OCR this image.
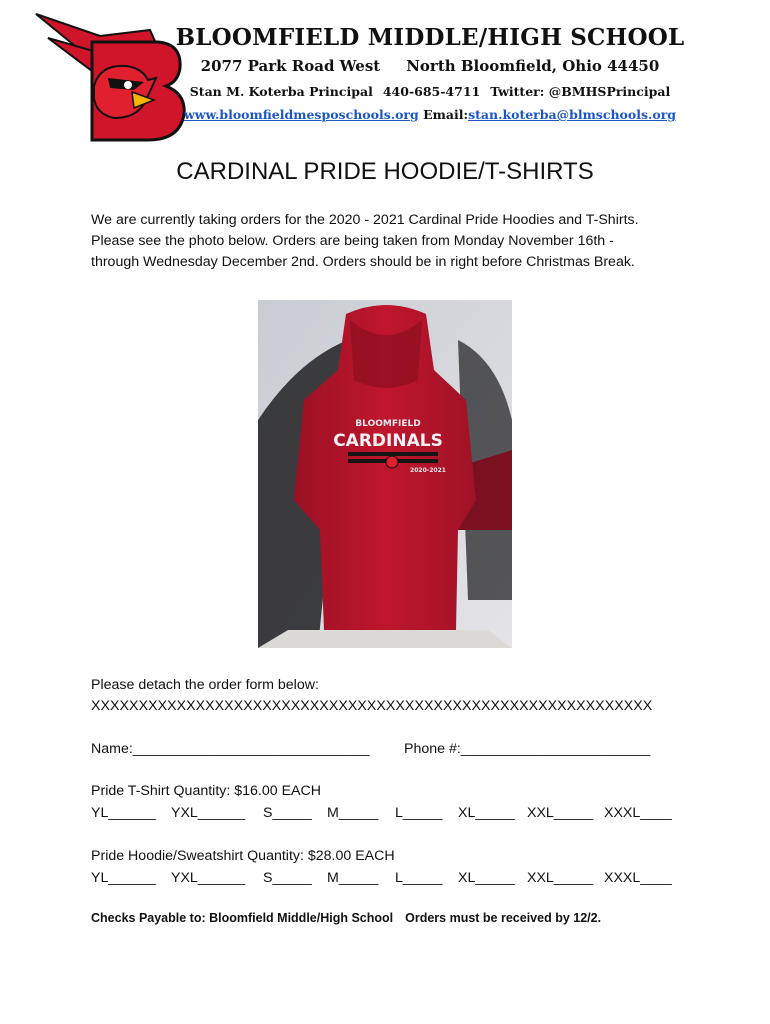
BLOOMFIELD MIDDLE/HIGH SCHOOL
2077 Park Road West North Bloomfield, Ohio 44450
Stan M. Koterba Principal 440-685-4711 Twitter: @BMHSPrincipal
www.bloomfieldmesposchools.org Email:stan.koterba@blmschools.org
CARDINAL PRIDE HOODIE/T-SHIRTS
We are currently taking orders for the 2020 - 2021 Cardinal Pride Hoodies and T-Shirts.
Please see the photo below. Orders are being taken from Monday November 16th -
through Wednesday December 2nd. Orders should be in right before Christmas Break.
BLOOMFIELD
CARDINALS
2020-2021
Please detach the order form below:
XXXXXXXXXXXXXXXXXXXXXXXXXXXXXXXXXXXXXXXXXXXXXXXXXXXXXXXXXXX
Name:______________________________ Phone #:________________________
Pride T-Shirt Quantity: $16.00 EACH
YL______ YXL______ S_____ M_____ L_____ XL_____ XXL_____ XXXL____
Pride Hoodie/Sweatshirt Quantity: $28.00 EACH
YL______ YXL______ S_____ M_____ L_____ XL_____ XXL_____ XXXL____
Checks Payable to: Bloomfield Middle/High School Orders must be received by 12/2.
